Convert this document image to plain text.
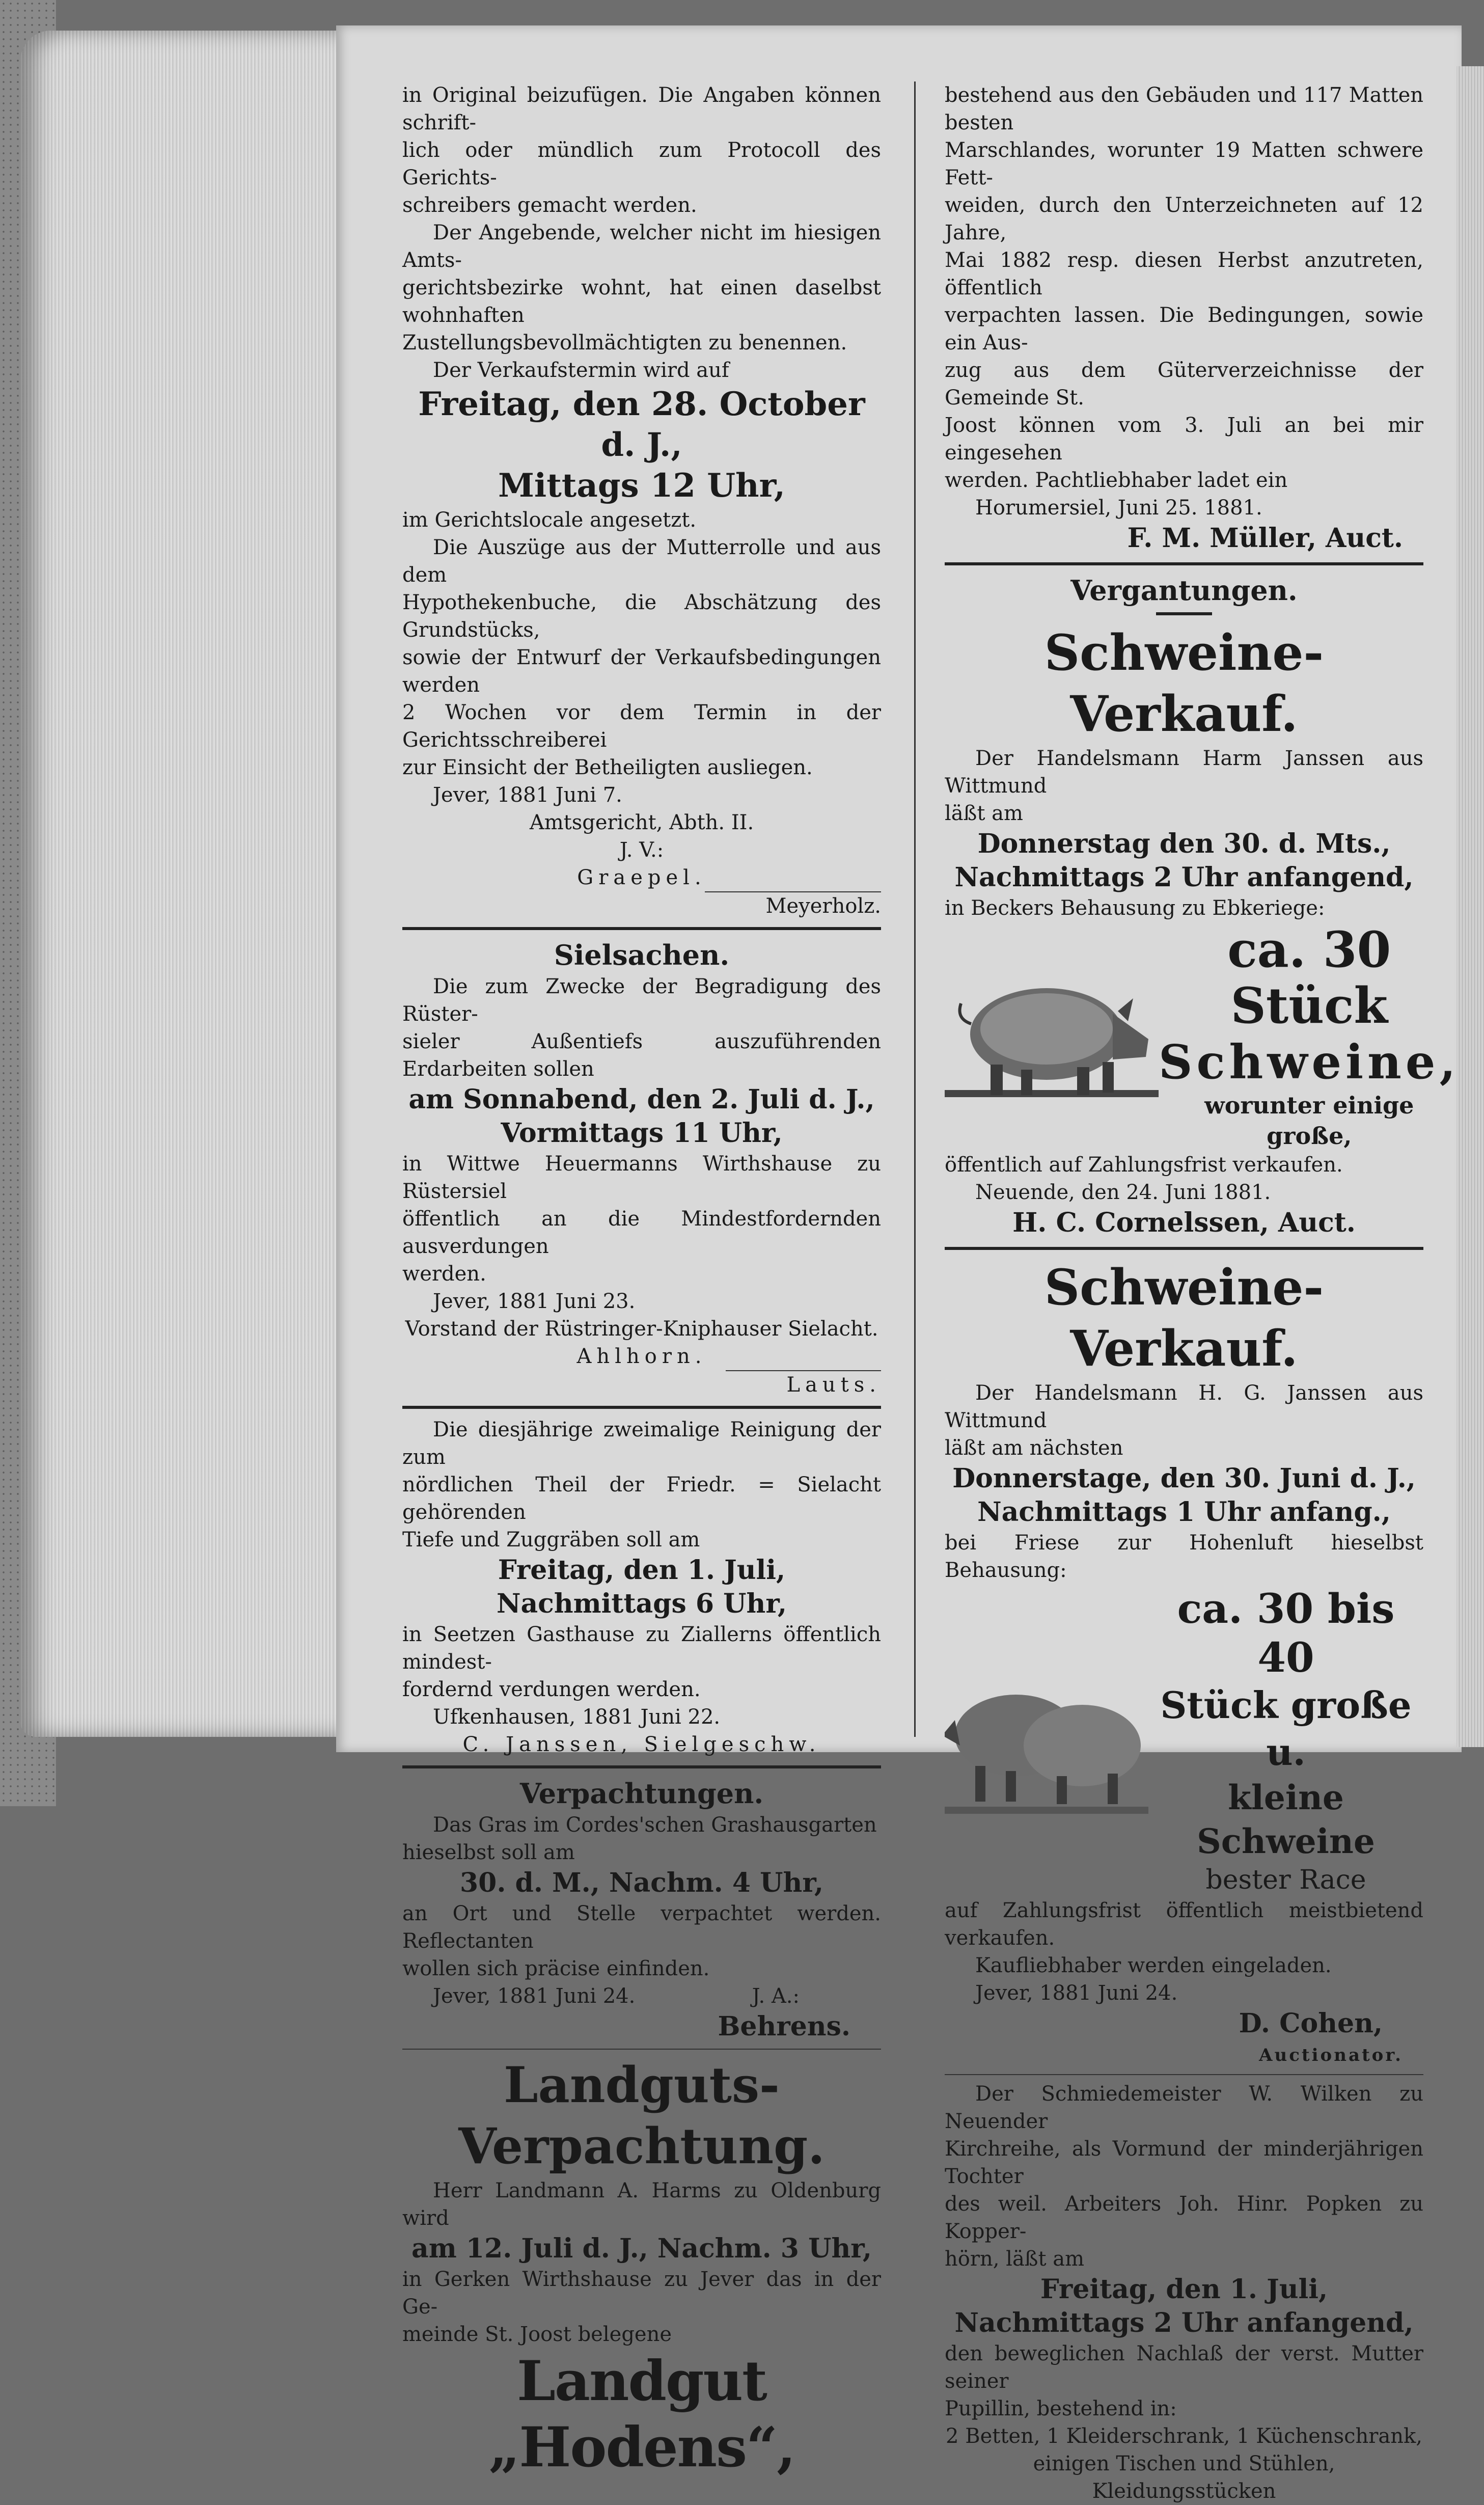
in Original beizufügen. Die Angaben können schrift-

lich oder mündlich zum Protocoll des Gerichts-

schreibers gemacht werden.

Der Angebende, welcher nicht im hiesigen Amts-

gerichtsbezirke wohnt, hat einen daselbst wohnhaften

Zustellungsbevollmächtigten zu benennen.

Der Verkaufstermin wird auf

Freitag, den 28. October d. J.,

Mittags 12 Uhr,

im Gerichtslocale angesetzt.

Die Auszüge aus der Mutterrolle und aus dem

Hypothekenbuche, die Abschätzung des Grundstücks,

sowie der Entwurf der Verkaufsbedingungen werden

2 Wochen vor dem Termin in der Gerichtsschreiberei

zur Einsicht der Betheiligten ausliegen.

Jever, 1881 Juni 7.

Amtsgericht, Abth. II.

J. V.:

Graepel.

Meyerholz.

Sielsachen.

Die zum Zwecke der Begradigung des Rüster-

sieler Außentiefs auszuführenden Erdarbeiten sollen

am Sonnabend, den 2. Juli d. J.,

Vormittags 11 Uhr,

in Wittwe Heuermanns Wirthshause zu Rüstersiel

öffentlich an die Mindestfordernden ausverdungen

werden.

Jever, 1881 Juni 23.

Vorstand der Rüstringer-Kniphauser Sielacht.

Ahlhorn.

Lauts.

Die diesjährige zweimalige Reinigung der zum

nördlichen Theil der Friedr. = Sielacht gehörenden

Tiefe und Zuggräben soll am

Freitag, den 1. Juli,

Nachmittags 6 Uhr,

in Seetzen Gasthause zu Ziallerns öffentlich mindest-

fordernd verdungen werden.

Ufkenhausen, 1881 Juni 22.

C. Janssen, Sielgeschw.

Verpachtungen.

Das Gras im Cordes'schen Grashausgarten

hieselbst soll am

30. d. M., Nachm. 4 Uhr,

an Ort und Stelle verpachtet werden. Reflectanten

wollen sich präcise einfinden.

Jever, 1881 Juni 24.	J. A.:

Behrens.

Landguts-Verpachtung.

Herr Landmann A. Harms zu Oldenburg wird

am 12. Juli d. J., Nachm. 3 Uhr,

in Gerken Wirthshause zu Jever das in der Ge-

meinde St. Joost belegene

Landgut „Hodens“,

bestehend aus den Gebäuden und 117 Matten besten

Marschlandes, worunter 19 Matten schwere Fett-

weiden, durch den Unterzeichneten auf 12 Jahre,

Mai 1882 resp. diesen Herbst anzutreten, öffentlich

verpachten lassen. Die Bedingungen, sowie ein Aus-

zug aus dem Güterverzeichnisse der Gemeinde St.

Joost können vom 3. Juli an bei mir eingesehen

werden. Pachtliebhaber ladet ein

Horumersiel, Juni 25. 1881.

F. M. Müller, Auct.

Vergantungen.

Schweine-Verkauf.

Der Handelsmann Harm Janssen aus Wittmund

läßt am

Donnerstag den 30. d. Mts.,

Nachmittags 2 Uhr anfangend,

in Beckers Behausung zu Ebkeriege:

ca. 30 Stück
Schweine,
worunter einige große,

öffentlich auf Zahlungsfrist verkaufen.

Neuende, den 24. Juni 1881.

H. C. Cornelssen, Auct.

Schweine-Verkauf.

Der Handelsmann H. G. Janssen aus Wittmund

läßt am nächsten

Donnerstage, den 30. Juni d. J.,

Nachmittags 1 Uhr anfang.,

bei Friese zur Hohenluft hieselbst Behausung:

ca. 30 bis 40
Stück große u.
kleine Schweine
bester Race

auf Zahlungsfrist öffentlich meistbietend verkaufen.

Kaufliebhaber werden eingeladen.

Jever, 1881 Juni 24.

D. Cohen,

Auctionator.

Der Schmiedemeister W. Wilken zu Neuender

Kirchreihe, als Vormund der minderjährigen Tochter

des weil. Arbeiters Joh. Hinr. Popken zu Kopper-

hörn, läßt am

Freitag, den 1. Juli,

Nachmittags 2 Uhr anfangend,

den beweglichen Nachlaß der verst. Mutter seiner

Pupillin, bestehend in:

2 Betten, 1 Kleiderschrank, 1 Küchenschrank,

einigen Tischen und Stühlen, Kleidungsstücken
